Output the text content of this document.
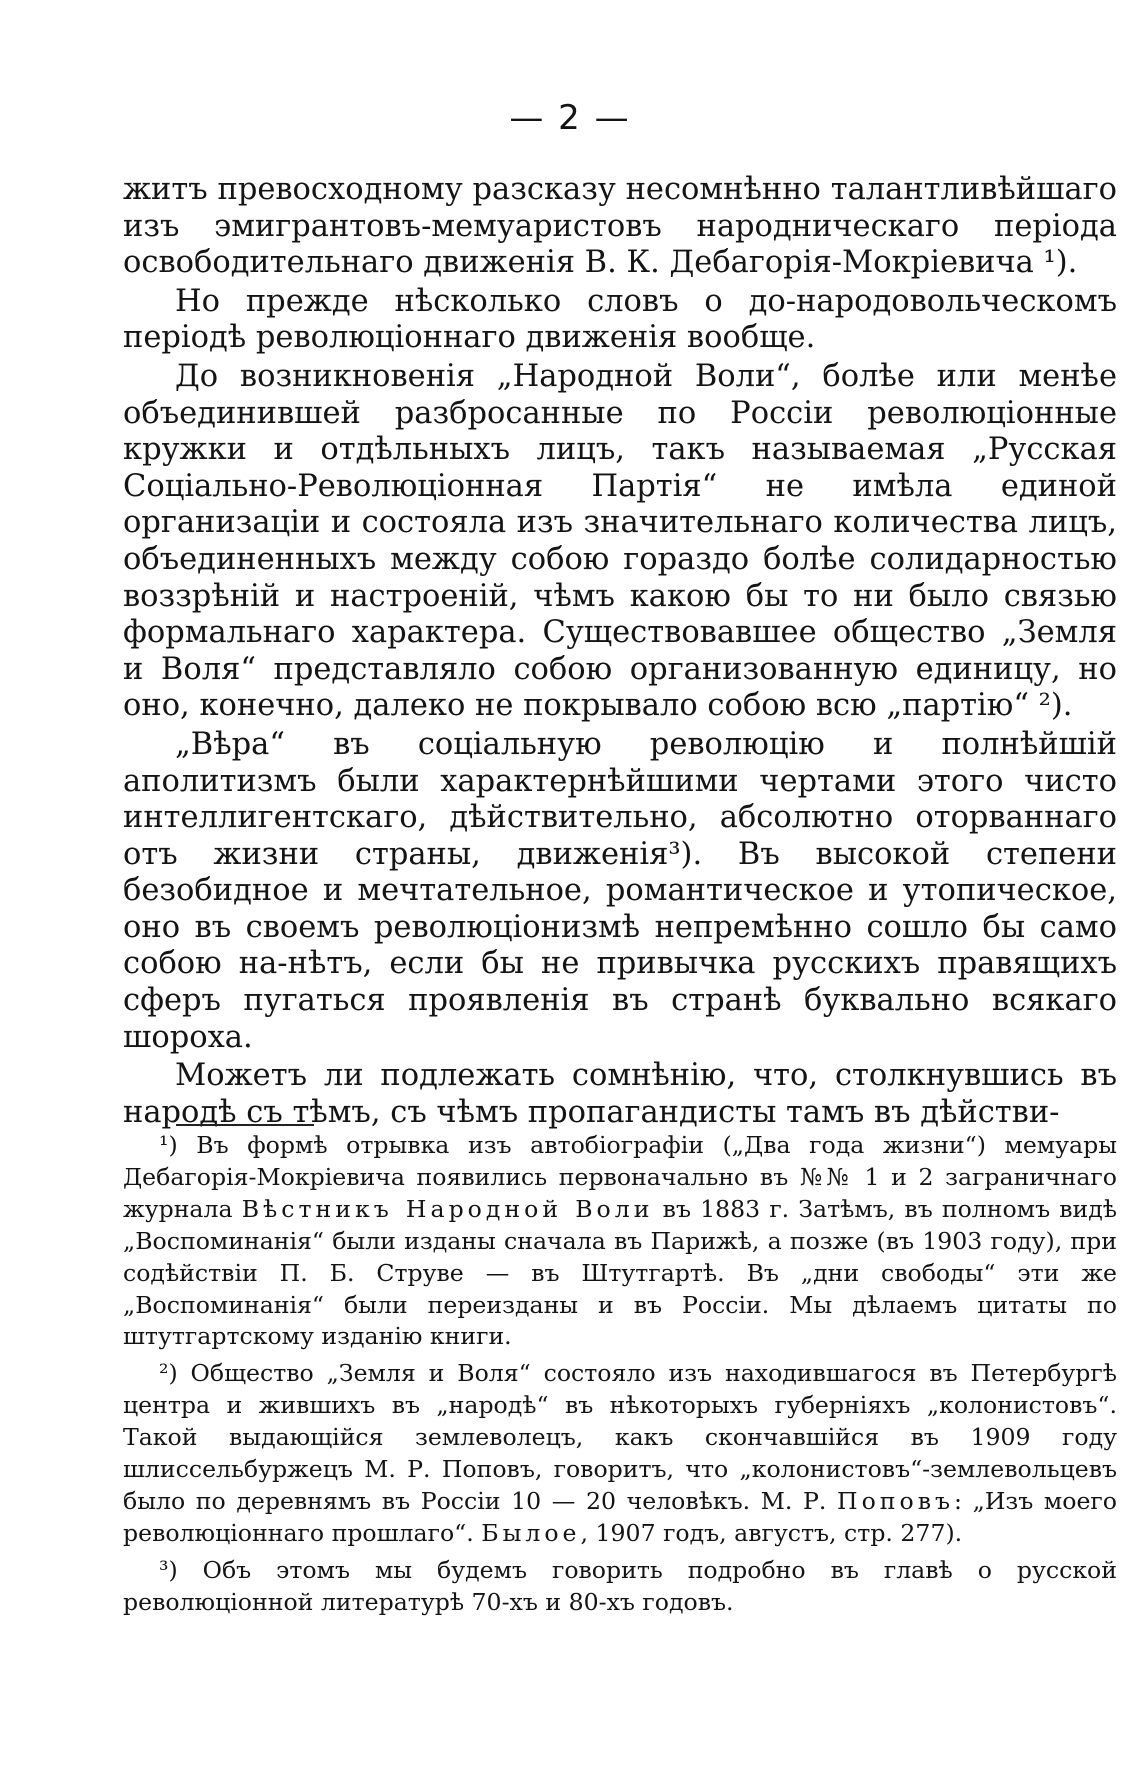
— 2 —

житъ превосходному разсказу несомнѣнно талантливѣйшаго изъ эмигрантовъ-мемуаристовъ народническаго періода освободительнаго движенія В. К. Дебагорія-Мокріевича ¹).

Но прежде нѣсколько словъ о до-народовольческомъ періодѣ революціоннаго движенія вообще.

До возникновенія „Народной Воли“, болѣе или менѣе объединившей разбросанные по Россіи революціонные кружки и отдѣльныхъ лицъ, такъ называемая „Русская Соціально-Революціонная Партія“ не имѣла единой организаціи и состояла изъ значительнаго количества лицъ, объединенныхъ между собою гораздо болѣе солидарностью воззрѣній и настроеній, чѣмъ какою бы то ни было связью формальнаго характера. Существовавшее общество „Земля и Воля“ представляло собою организованную единицу, но оно, конечно, далеко не покрывало собою всю „партію“ ²).

„Вѣра“ въ соціальную революцію и полнѣйшій аполитизмъ были характернѣйшими чертами этого чисто интеллигентскаго, дѣйствительно, абсолютно оторваннаго отъ жизни страны, движенія³). Въ высокой степени безобидное и мечтательное, романтическое и утопическое, оно въ своемъ революціонизмѣ непремѣнно сошло бы само собою на-нѣтъ, если бы не привычка русскихъ правящихъ сферъ пугаться проявленія въ странѣ буквально всякаго шороха.

Можетъ ли подлежать сомнѣнію, что, столкнувшись въ народѣ съ тѣмъ, съ чѣмъ пропагандисты тамъ въ дѣйстви-

¹) Въ формѣ отрывка изъ автобіографіи („Два года жизни“) мемуары Дебагорія-Мокріевича появились первоначально въ №№ 1 и 2 заграничнаго журнала Вѣстникъ Народной Воли въ 1883 г. Затѣмъ, въ полномъ видѣ „Воспоминанія“ были изданы сначала въ Парижѣ, а позже (въ 1903 году), при содѣйствіи П. Б. Струве — въ Штутгартѣ. Въ „дни свободы“ эти же „Воспоминанія“ были переизданы и въ Россіи. Мы дѣлаемъ цитаты по штутгартскому изданію книги.

²) Общество „Земля и Воля“ состояло изъ находившагося въ Петербургѣ центра и жившихъ въ „народѣ“ въ нѣкоторыхъ губерніяхъ „колонистовъ“. Такой выдающійся землеволецъ, какъ скончавшійся въ 1909 году шлиссельбуржецъ М. Р. Поповъ, говоритъ, что „колонистовъ“-землевольцевъ было по деревнямъ въ Россіи 10 — 20 человѣкъ. М. Р. Поповъ: „Изъ моего революціоннаго прошлаго“. Былое, 1907 годъ, августъ, стр. 277).

³) Объ этомъ мы будемъ говорить подробно въ главѣ о русской революціонной литературѣ 70-хъ и 80-хъ годовъ.
